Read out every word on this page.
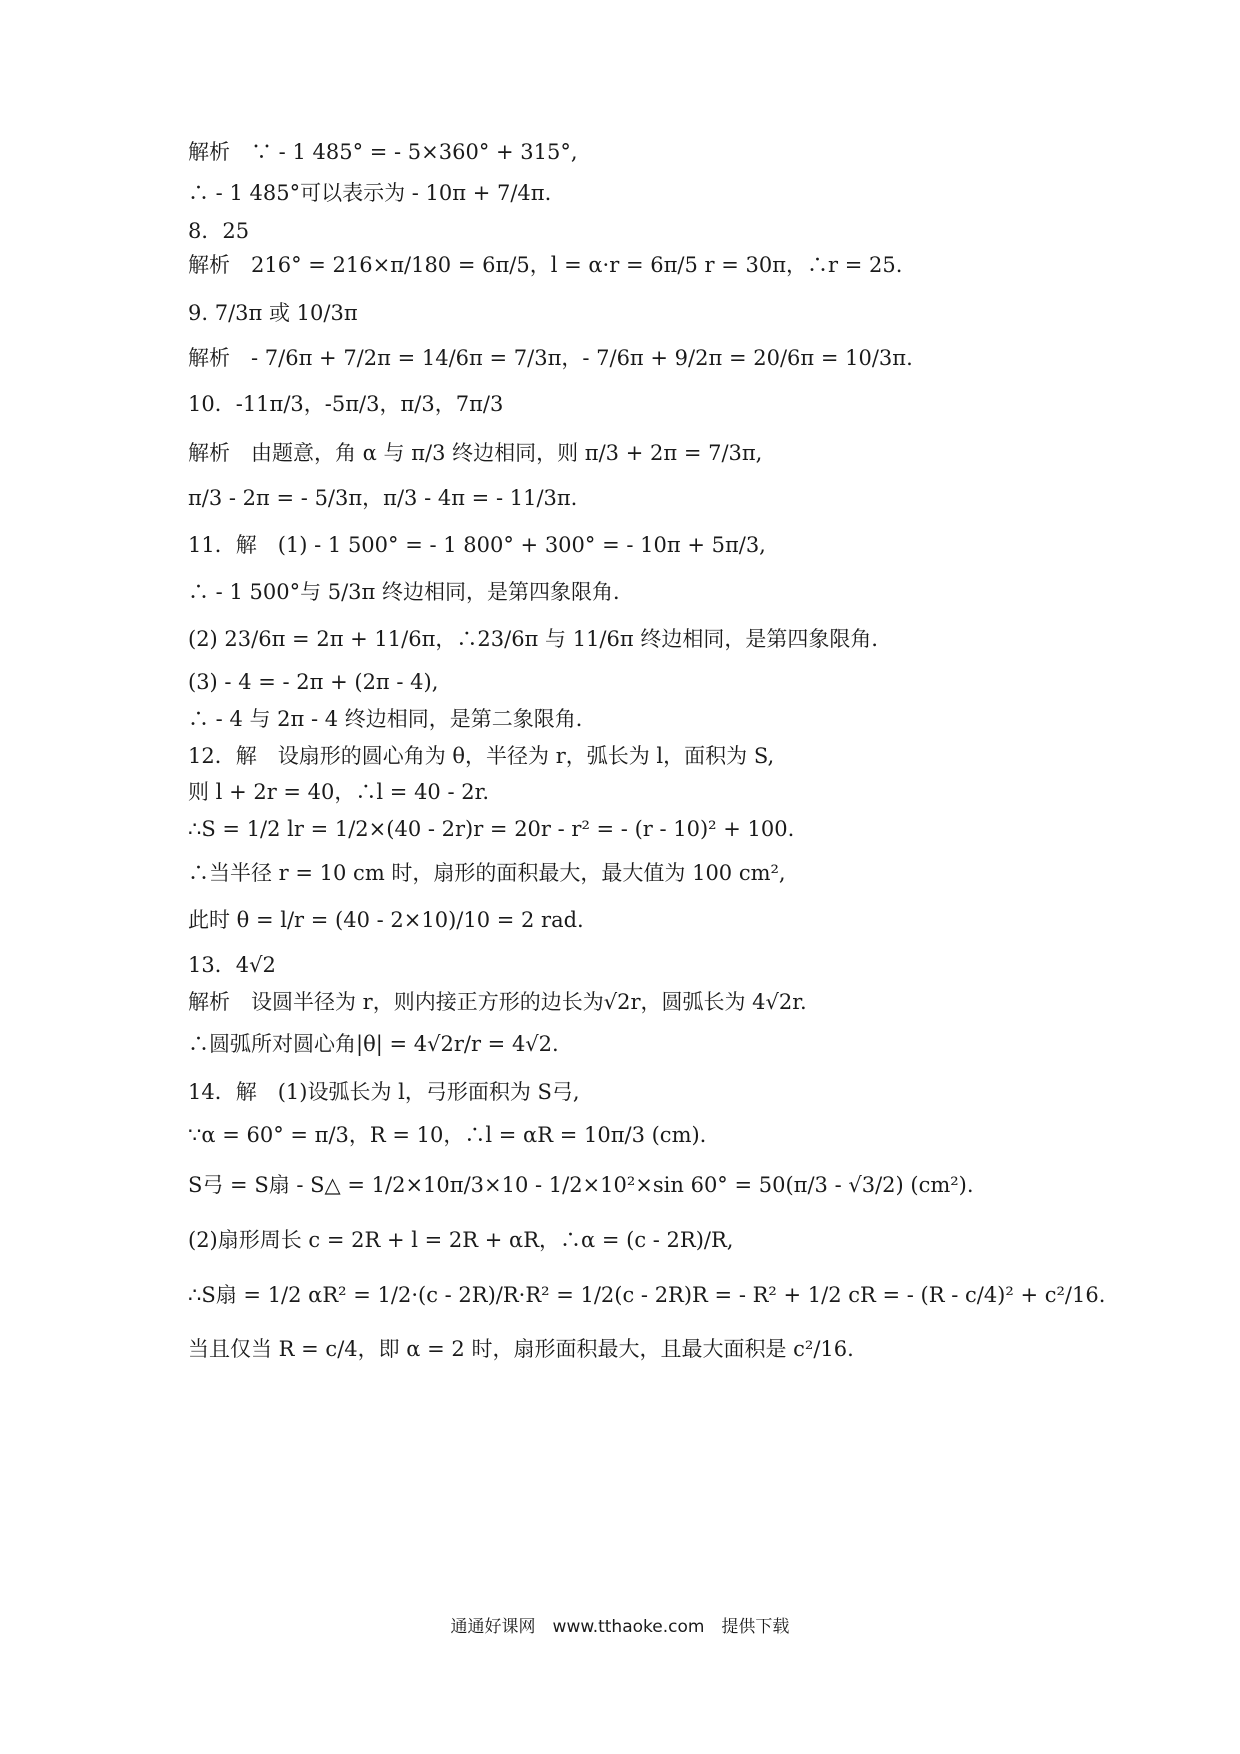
解析　∵ - 1 485° = - 5×360° + 315°,
∴ - 1 485°可以表示为 - 10π + 7/4π.
8．25
解析　216° = 216×π/180 = 6π/5，l = α·r = 6π/5 r = 30π，∴r = 25.
9. 7/3π 或 10/3π
解析　- 7/6π + 7/2π = 14/6π = 7/3π，- 7/6π + 9/2π = 20/6π = 10/3π.
10．-11π/3，-5π/3，π/3，7π/3
解析　由题意，角 α 与 π/3 终边相同，则 π/3 + 2π = 7/3π,
π/3 - 2π = - 5/3π，π/3 - 4π = - 11/3π.
11．解　(1) - 1 500° = - 1 800° + 300° = - 10π + 5π/3,
∴ - 1 500°与 5/3π 终边相同，是第四象限角．
(2) 23/6π = 2π + 11/6π，∴23/6π 与 11/6π 终边相同，是第四象限角．
(3) - 4 = - 2π + (2π - 4),
∴ - 4 与 2π - 4 终边相同，是第二象限角．
12．解　设扇形的圆心角为 θ，半径为 r，弧长为 l，面积为 S,
则 l + 2r = 40，∴l = 40 - 2r.
∴S = 1/2 lr = 1/2×(40 - 2r)r = 20r - r² = - (r - 10)² + 100.
∴当半径 r = 10 cm 时，扇形的面积最大，最大值为 100 cm²,
此时 θ = l/r = (40 - 2×10)/10 = 2 rad.
13．4√2
解析　设圆半径为 r，则内接正方形的边长为√2r，圆弧长为 4√2r.
∴圆弧所对圆心角|θ| = 4√2r/r = 4√2.
14．解　(1)设弧长为 l，弓形面积为 S弓,
∵α = 60° = π/3，R = 10，∴l = αR = 10π/3 (cm).
S弓 = S扇 - S△ = 1/2×10π/3×10 - 1/2×10²×sin 60° = 50(π/3 - √3/2) (cm²).
(2)扇形周长 c = 2R + l = 2R + αR，∴α = (c - 2R)/R,
∴S扇 = 1/2 αR² = 1/2·(c - 2R)/R·R² = 1/2(c - 2R)R = - R² + 1/2 cR = - (R - c/4)² + c²/16.
当且仅当 R = c/4，即 α = 2 时，扇形面积最大，且最大面积是 c²/16.
通通好课网　www.tthaoke.com　提供下载
